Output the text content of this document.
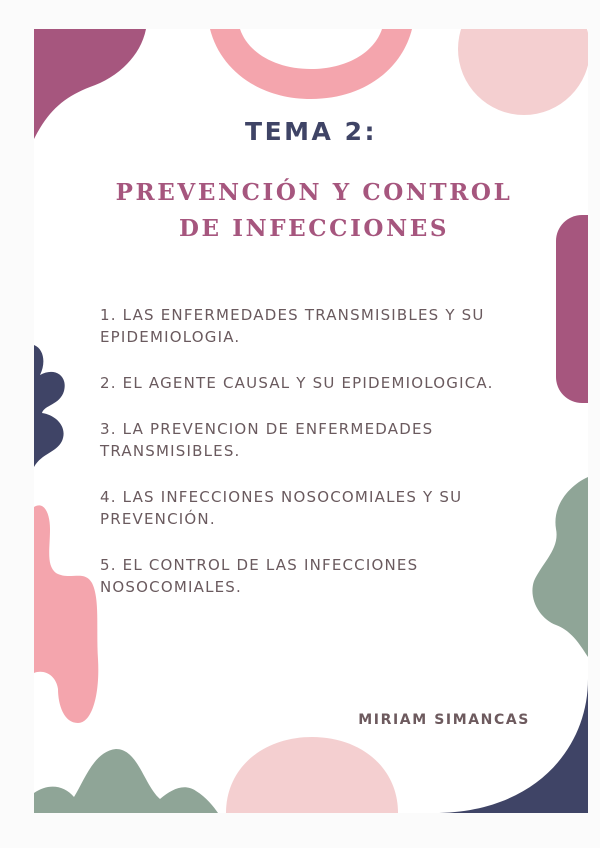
TEMA 2:
PREVENCIÓN Y CONTROL
DE INFECCIONES
1. LAS ENFERMEDADES TRANSMISIBLES Y SU EPIDEMIOLOGIA.
2. EL AGENTE CAUSAL Y SU EPIDEMIOLOGICA.
3. LA PREVENCION DE ENFERMEDADES TRANSMISIBLES.
4. LAS INFECCIONES NOSOCOMIALES Y SU PREVENCIÓN.
5. EL CONTROL DE LAS INFECCIONES NOSOCOMIALES.
MIRIAM SIMANCAS
